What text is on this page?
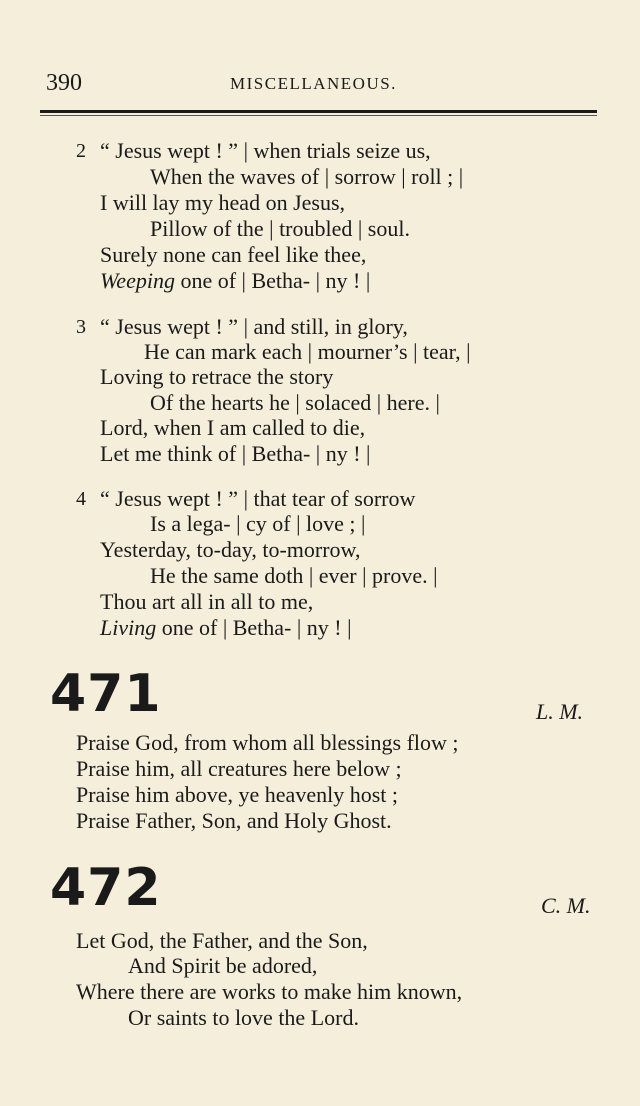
390	MISCELLANEOUS.
2 “ Jesus wept ! ” | when trials seize us,
When the waves of | sorrow | roll ; |
I will lay my head on Jesus,
Pillow of the | troubled | soul.
Surely none can feel like thee,
Weeping one of | Betha- | ny ! |
3 “ Jesus wept ! ” | and still, in glory,
He can mark each | mourner’s | tear, |
Loving to retrace the story
Of the hearts he | solaced | here. |
Lord, when I am called to die,
Let me think of | Betha- | ny ! |
4 “ Jesus wept ! ” | that tear of sorrow
Is a lega- | cy of | love ; |
Yesterday, to-day, to-morrow,
He the same doth | ever | prove. |
Thou art all in all to me,
Living one of | Betha- | ny ! |
471	L. M.
Praise God, from whom all blessings flow ;
Praise him, all creatures here below ;
Praise him above, ye heavenly host ;
Praise Father, Son, and Holy Ghost.
472	C. M.
Let God, the Father, and the Son,
And Spirit be adored,
Where there are works to make him known,
Or saints to love the Lord.
